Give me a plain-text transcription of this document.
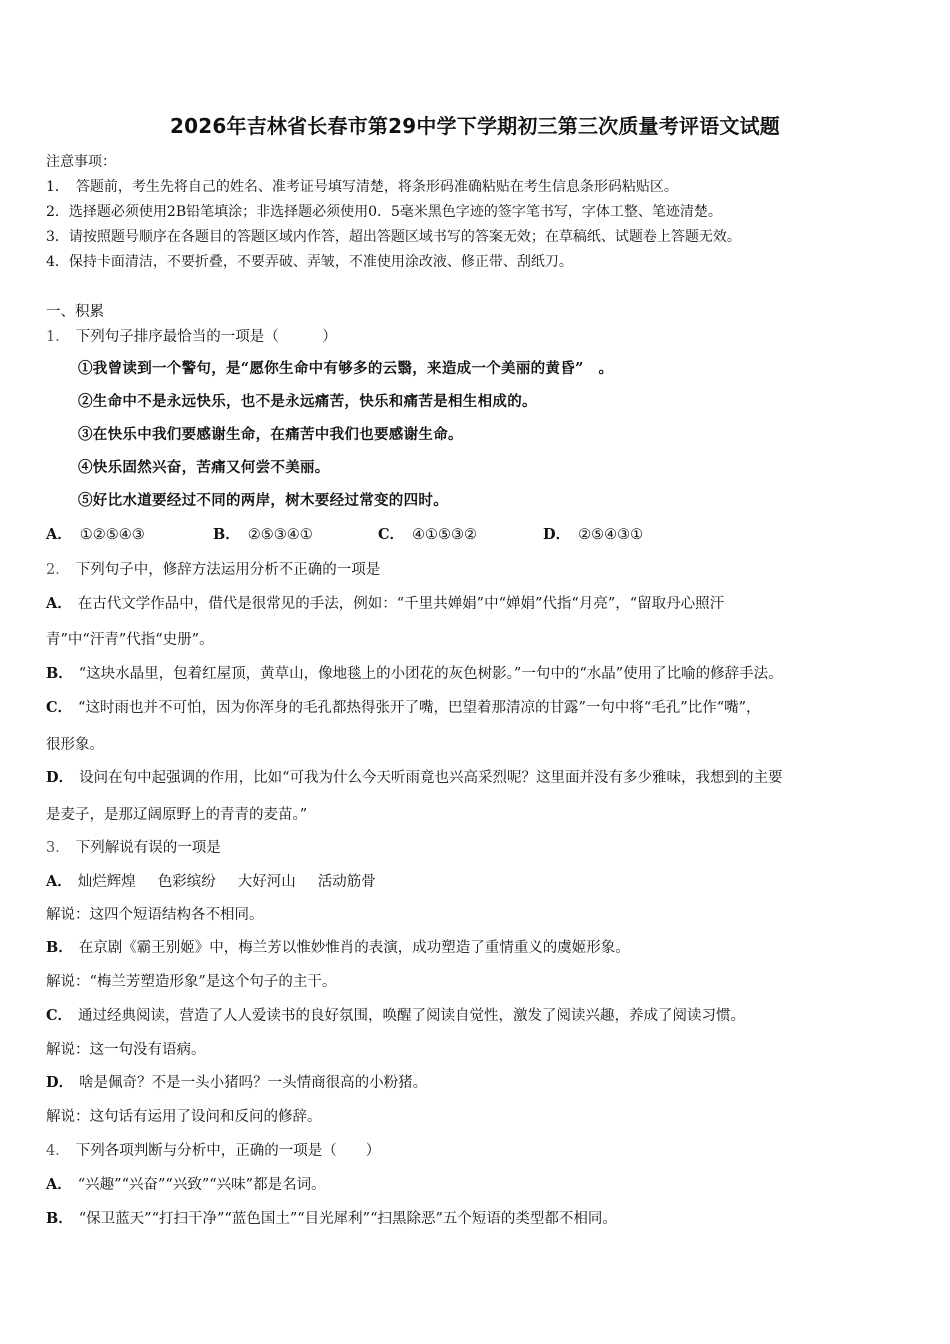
2026年吉林省长春市第29中学下学期初三第三次质量考评语文试题
注意事项：
1．　答题前，考生先将自己的姓名、准考证号填写清楚，将条形码准确粘贴在考生信息条形码粘贴区。
2．选择题必须使用2B铅笔填涂；非选择题必须使用0．5毫米黑色字迹的签字笔书写，字体工整、笔迹清楚。
3．请按照题号顺序在各题目的答题区域内作答，超出答题区域书写的答案无效；在草稿纸、试题卷上答题无效。
4．保持卡面清洁，不要折叠，不要弄破、弄皱，不准使用涂改液、修正带、刮纸刀。
一、积累
1． 下列句子排序最恰当的一项是（　　　）
①我曾读到一个警句，是“愿你生命中有够多的云翳，来造成一个美丽的黄昏”　。
②生命中不是永远快乐，也不是永远痛苦，快乐和痛苦是相生相成的。
③在快乐中我们要感谢生命，在痛苦中我们也要感谢生命。
④快乐固然兴奋，苦痛又何尝不美丽。
⑤好比水道要经过不同的两岸，树木要经过常变的四时。
A． ①②⑤④③	B． ②⑤③④①	C． ④①⑤③②	D． ②⑤④③①
2． 下列句子中，修辞方法运用分析不正确的一项是
A． 在古代文学作品中，借代是很常见的手法，例如：“千里共婵娟”中“婵娟”代指“月亮”，“留取丹心照汗
青”中“汗青”代指“史册”。
B． “这块水晶里，包着红屋顶，黄草山，像地毯上的小团花的灰色树影。”一句中的“水晶”使用了比喻的修辞手法。
C． “这时雨也并不可怕，因为你浑身的毛孔都热得张开了嘴，巴望着那清凉的甘露”一句中将“毛孔”比作“嘴”，
很形象。
D． 设问在句中起强调的作用，比如“可我为什么今天听雨竟也兴高采烈呢？这里面并没有多少雅味，我想到的主要
是麦子，是那辽阔原野上的青青的麦苗。”
3． 下列解说有误的一项是
A． 灿烂辉煌 色彩缤纷 大好河山 活动筋骨
解说：这四个短语结构各不相同。
B． 在京剧《霸王别姬》中，梅兰芳以惟妙惟肖的表演，成功塑造了重情重义的虞姬形象。
解说：“梅兰芳塑造形象”是这个句子的主干。
C． 通过经典阅读，营造了人人爱读书的良好氛围，唤醒了阅读自觉性，激发了阅读兴趣，养成了阅读习惯。
解说：这一句没有语病。
D． 啥是佩奇？不是一头小猪吗？一头情商很高的小粉猪。
解说：这句话有运用了设问和反问的修辞。
4． 下列各项判断与分析中，正确的一项是（　　）
A． “兴趣”“兴奋”“兴致”“兴味”都是名词。
B． “保卫蓝天”“打扫干净”“蓝色国土”“目光犀利”“扫黑除恶”五个短语的类型都不相同。
